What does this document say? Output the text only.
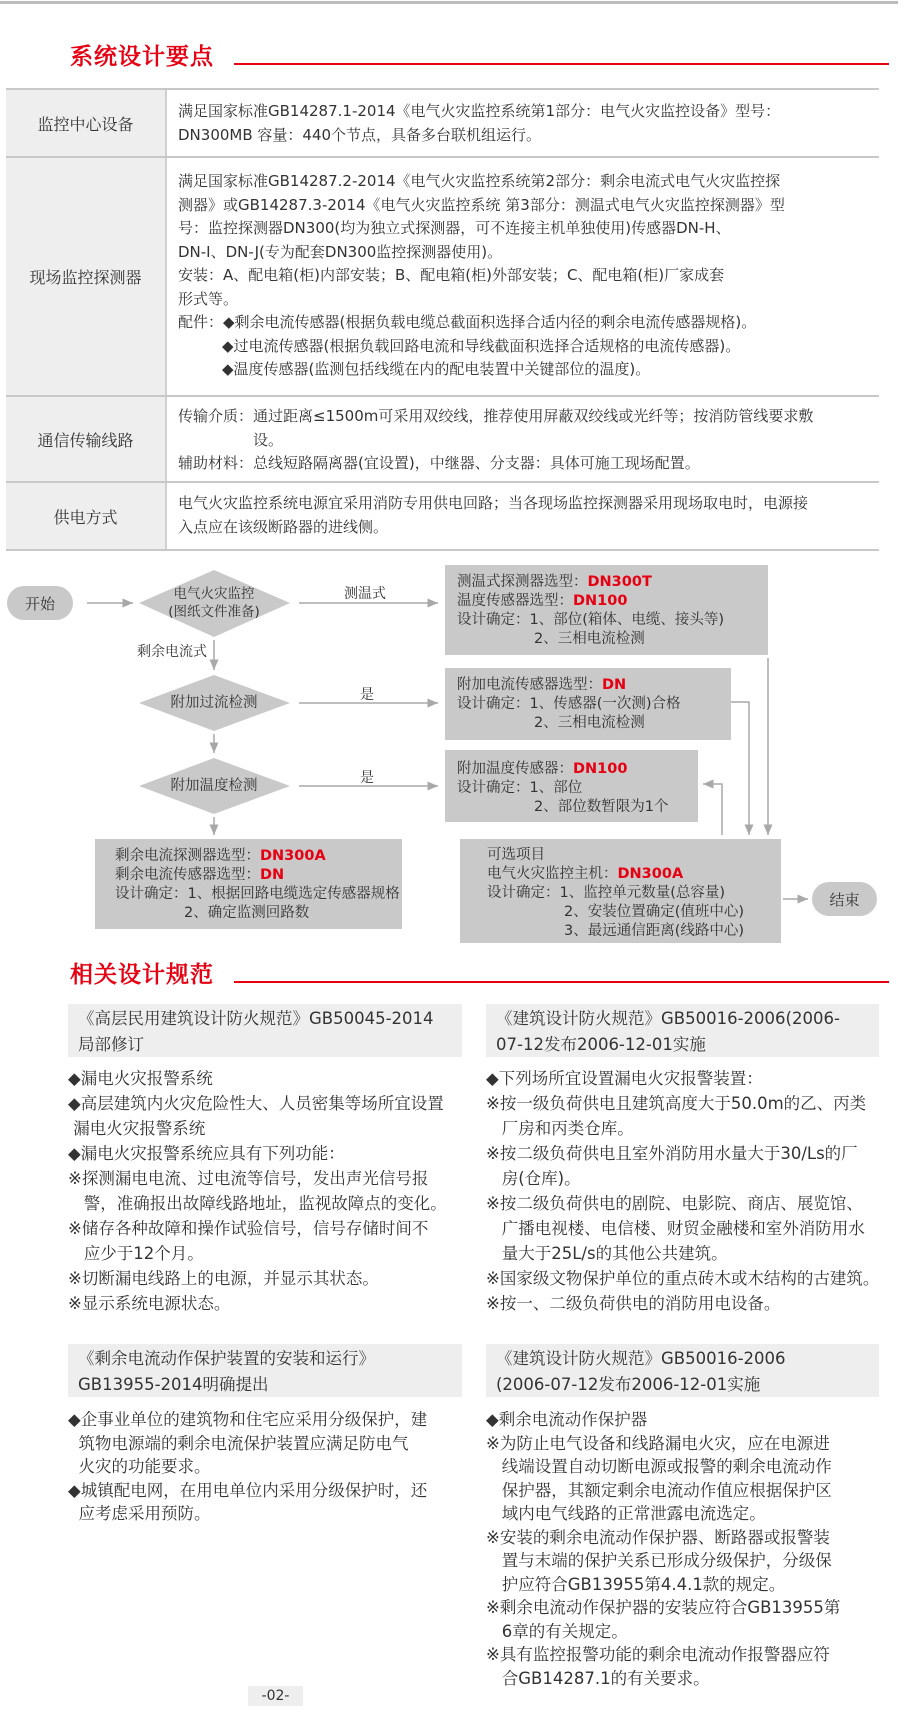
系统设计要点
监控中心设备
满足国家标准GB14287.1-2014《电气火灾监控系统第1部分：电气火灾监控设备》型号：
DN300MB 容量：440个节点，具备多台联机组运行。
现场监控探测器
满足国家标准GB14287.2-2014《电气火灾监控系统第2部分：剩余电流式电气火灾监控探
测器》或GB14287.3-2014《电气火灾监控系统 第3部分：测温式电气火灾监控探测器》型
号：监控探测器DN300(均为独立式探测器，可不连接主机单独使用)传感器DN-H、
DN-I、DN-J(专为配套DN300监控探测器使用)。
安装：A、配电箱(柜)内部安装；B、配电箱(柜)外部安装；C、配电箱(柜)厂家成套
形式等。
配件：◆剩余电流传感器(根据负载电缆总截面积选择合适内径的剩余电流传感器规格)。
◆过电流传感器(根据负载回路电流和导线截面积选择合适规格的电流传感器)。
◆温度传感器(监测包括线缆在内的配电装置中关键部位的温度)。
通信传输线路
传输介质：通过距离≤1500m可采用双绞线，推荐使用屏蔽双绞线或光纤等；按消防管线要求敷
设。
辅助材料：总线短路隔离器(宜设置)，中继器、分支器：具体可施工现场配置。
供电方式
电气火灾监控系统电源宜采用消防专用供电回路；当各现场监控探测器采用现场取电时，电源接
入点应在该级断路器的进线侧。
开始
结束
电气火灾监控
(图纸文件准备)
附加过流检测
附加温度检测
测温式
剩余电流式
是
是
测温式探测器选型：DN300T
温度传感器选型：DN100
设计确定：1、部位(箱体、电缆、接头等)
2、三相电流检测
附加电流传感器选型：DN
设计确定：1、传感器(一次测)合格
2、三相电流检测
附加温度传感器：DN100
设计确定：1、部位
2、部位数暂限为1个
剩余电流探测器选型：DN300A
剩余电流传感器选型：DN
设计确定：1、根据回路电缆选定传感器规格
2、确定监测回路数
可选项目
电气火灾监控主机：DN300A
设计确定：1、监控单元数量(总容量)
2、安装位置确定(值班中心)
3、最远通信距离(线路中心)
相关设计规范
《高层民用建筑设计防火规范》GB50045-2014
局部修订
◆漏电火灾报警系统
◆高层建筑内火灾危险性大、人员密集等场所宜设置
漏电火灾报警系统
◆漏电火灾报警系统应具有下列功能：
※探测漏电电流、过电流等信号，发出声光信号报
警，准确报出故障线路地址，监视故障点的变化。
※储存各种故障和操作试验信号，信号存储时间不
应少于12个月。
※切断漏电线路上的电源，并显示其状态。
※显示系统电源状态。
《建筑设计防火规范》GB50016-2006(2006-
07-12发布2006-12-01实施
◆下列场所宜设置漏电火灾报警装置：
※按一级负荷供电且建筑高度大于50.0m的乙、丙类
厂房和丙类仓库。
※按二级负荷供电且室外消防用水量大于30/Ls的厂
房(仓库)。
※按二级负荷供电的剧院、电影院、商店、展览馆、
广播电视楼、电信楼、财贸金融楼和室外消防用水
量大于25L/s的其他公共建筑。
※国家级文物保护单位的重点砖木或木结构的古建筑。
※按一、二级负荷供电的消防用电设备。
《剩余电流动作保护装置的安装和运行》
GB13955-2014明确提出
◆企事业单位的建筑物和住宅应采用分级保护，建
筑物电源端的剩余电流保护装置应满足防电气
火灾的功能要求。
◆城镇配电网，在用电单位内采用分级保护时，还
应考虑采用预防。
《建筑设计防火规范》GB50016-2006
(2006-07-12发布2006-12-01实施
◆剩余电流动作保护器
※为防止电气设备和线路漏电火灾，应在电源进
线端设置自动切断电源或报警的剩余电流动作
保护器，其额定剩余电流动作值应根据保护区
域内电气线路的正常泄露电流选定。
※安装的剩余电流动作保护器、断路器或报警装
置与末端的保护关系已形成分级保护，分级保
护应符合GB13955第4.4.1款的规定。
※剩余电流动作保护器的安装应符合GB13955第
6章的有关规定。
※具有监控报警功能的剩余电流动作报警器应符
合GB14287.1的有关要求。
-02-
